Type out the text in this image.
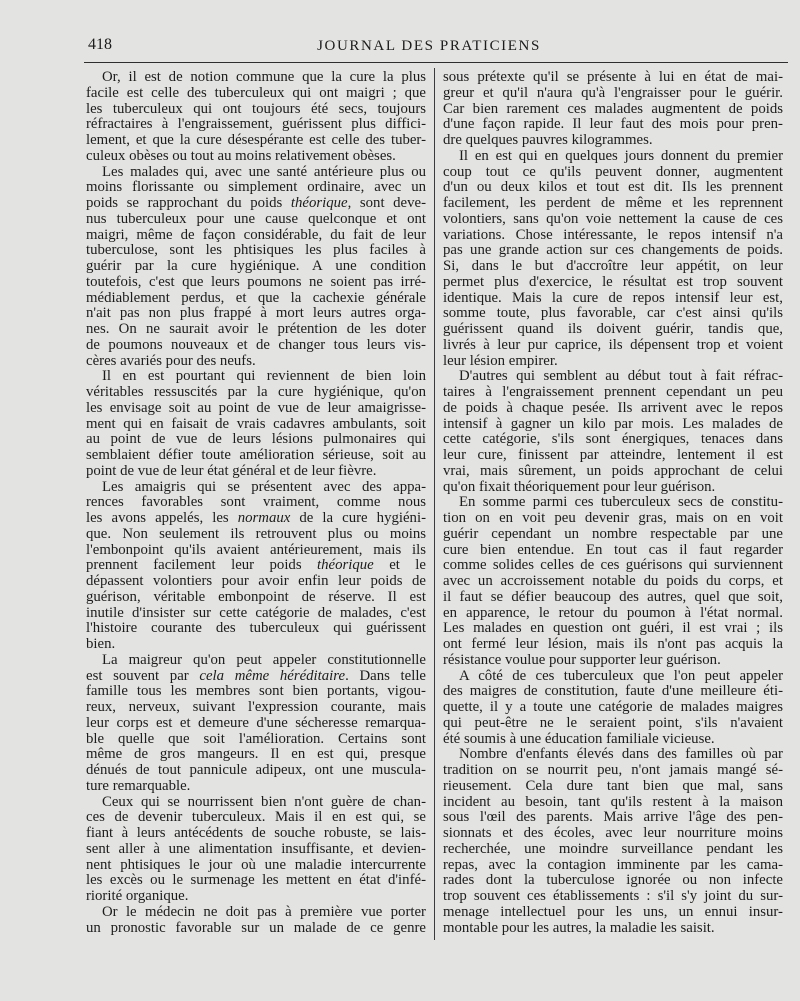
418	JOURNAL DES PRATICIENS
Or, il est de notion commune que la cure la plus
facile est celle des tuberculeux qui ont maigri ; que
les tuberculeux qui ont toujours été secs, toujours
réfractaires à l'engraissement, guérissent plus diffici-
lement, et que la cure désespérante est celle des tuber-
culeux obèses ou tout au moins relativement obèses.
Les malades qui, avec une santé antérieure plus ou
moins florissante ou simplement ordinaire, avec un
poids se rapprochant du poids théorique, sont deve-
nus tuberculeux pour une cause quelconque et ont
maigri, même de façon considérable, du fait de leur
tuberculose, sont les phtisiques les plus faciles à
guérir par la cure hygiénique. A une condition
toutefois, c'est que leurs poumons ne soient pas irré-
médiablement perdus, et que la cachexie générale
n'ait pas non plus frappé à mort leurs autres orga-
nes. On ne saurait avoir le prétention de les doter
de poumons nouveaux et de changer tous leurs vis-
cères avariés pour des neufs.
Il en est pourtant qui reviennent de bien loin
véritables ressuscités par la cure hygiénique, qu'on
les envisage soit au point de vue de leur amaigrisse-
ment qui en faisait de vrais cadavres ambulants, soit
au point de vue de leurs lésions pulmonaires qui
semblaient défier toute amélioration sérieuse, soit au
point de vue de leur état général et de leur fièvre.
Les amaigris qui se présentent avec des appa-
rences favorables sont vraiment, comme nous
les avons appelés, les normaux de la cure hygiéni-
que. Non seulement ils retrouvent plus ou moins
l'embonpoint qu'ils avaient antérieurement, mais ils
prennent facilement leur poids théorique et le
dépassent volontiers pour avoir enfin leur poids de
guérison, véritable embonpoint de réserve. Il est
inutile d'insister sur cette catégorie de malades, c'est
l'histoire courante des tuberculeux qui guérissent
bien.
La maigreur qu'on peut appeler constitutionnelle
est souvent par cela même héréditaire. Dans telle
famille tous les membres sont bien portants, vigou-
reux, nerveux, suivant l'expression courante, mais
leur corps est et demeure d'une sécheresse remarqua-
ble quelle que soit l'amélioration. Certains sont
même de gros mangeurs. Il en est qui, presque
dénués de tout pannicule adipeux, ont une muscula-
ture remarquable.
Ceux qui se nourrissent bien n'ont guère de chan-
ces de devenir tuberculeux. Mais il en est qui, se
fiant à leurs antécédents de souche robuste, se lais-
sent aller à une alimentation insuffisante, et devien-
nent phtisiques le jour où une maladie intercurrente
les excès ou le surmenage les mettent en état d'infé-
riorité organique.
Or le médecin ne doit pas à première vue porter
un pronostic favorable sur un malade de ce genre
sous prétexte qu'il se présente à lui en état de mai-
greur et qu'il n'aura qu'à l'engraisser pour le guérir.
Car bien rarement ces malades augmentent de poids
d'une façon rapide. Il leur faut des mois pour pren-
dre quelques pauvres kilogrammes.
Il en est qui en quelques jours donnent du premier
coup tout ce qu'ils peuvent donner, augmentent
d'un ou deux kilos et tout est dit. Ils les prennent
facilement, les perdent de même et les reprennent
volontiers, sans qu'on voie nettement la cause de ces
variations. Chose intéressante, le repos intensif n'a
pas une grande action sur ces changements de poids.
Si, dans le but d'accroître leur appétit, on leur
permet plus d'exercice, le résultat est trop souvent
identique. Mais la cure de repos intensif leur est,
somme toute, plus favorable, car c'est ainsi qu'ils
guérissent quand ils doivent guérir, tandis que,
livrés à leur pur caprice, ils dépensent trop et voient
leur lésion empirer.
D'autres qui semblent au début tout à fait réfrac-
taires à l'engraissement prennent cependant un peu
de poids à chaque pesée. Ils arrivent avec le repos
intensif à gagner un kilo par mois. Les malades de
cette catégorie, s'ils sont énergiques, tenaces dans
leur cure, finissent par atteindre, lentement il est
vrai, mais sûrement, un poids approchant de celui
qu'on fixait théoriquement pour leur guérison.
En somme parmi ces tuberculeux secs de constitu-
tion on en voit peu devenir gras, mais on en voit
guérir cependant un nombre respectable par une
cure bien entendue. En tout cas il faut regarder
comme solides celles de ces guérisons qui surviennent
avec un accroissement notable du poids du corps, et
il faut se défier beaucoup des autres, quel que soit,
en apparence, le retour du poumon à l'état normal.
Les malades en question ont guéri, il est vrai ; ils
ont fermé leur lésion, mais ils n'ont pas acquis la
résistance voulue pour supporter leur guérison.
A côté de ces tuberculeux que l'on peut appeler
des maigres de constitution, faute d'une meilleure éti-
quette, il y a toute une catégorie de malades maigres
qui peut-être ne le seraient point, s'ils n'avaient
été soumis à une éducation familiale vicieuse.
Nombre d'enfants élevés dans des familles où par
tradition on se nourrit peu, n'ont jamais mangé sé-
rieusement. Cela dure tant bien que mal, sans
incident au besoin, tant qu'ils restent à la maison
sous l'œil des parents. Mais arrive l'âge des pen-
sionnats et des écoles, avec leur nourriture moins
recherchée, une moindre surveillance pendant les
repas, avec la contagion imminente par les cama-
rades dont la tuberculose ignorée ou non infecte
trop souvent ces établissements : s'il s'y joint du sur-
menage intellectuel pour les uns, un ennui insur-
montable pour les autres, la maladie les saisit.
